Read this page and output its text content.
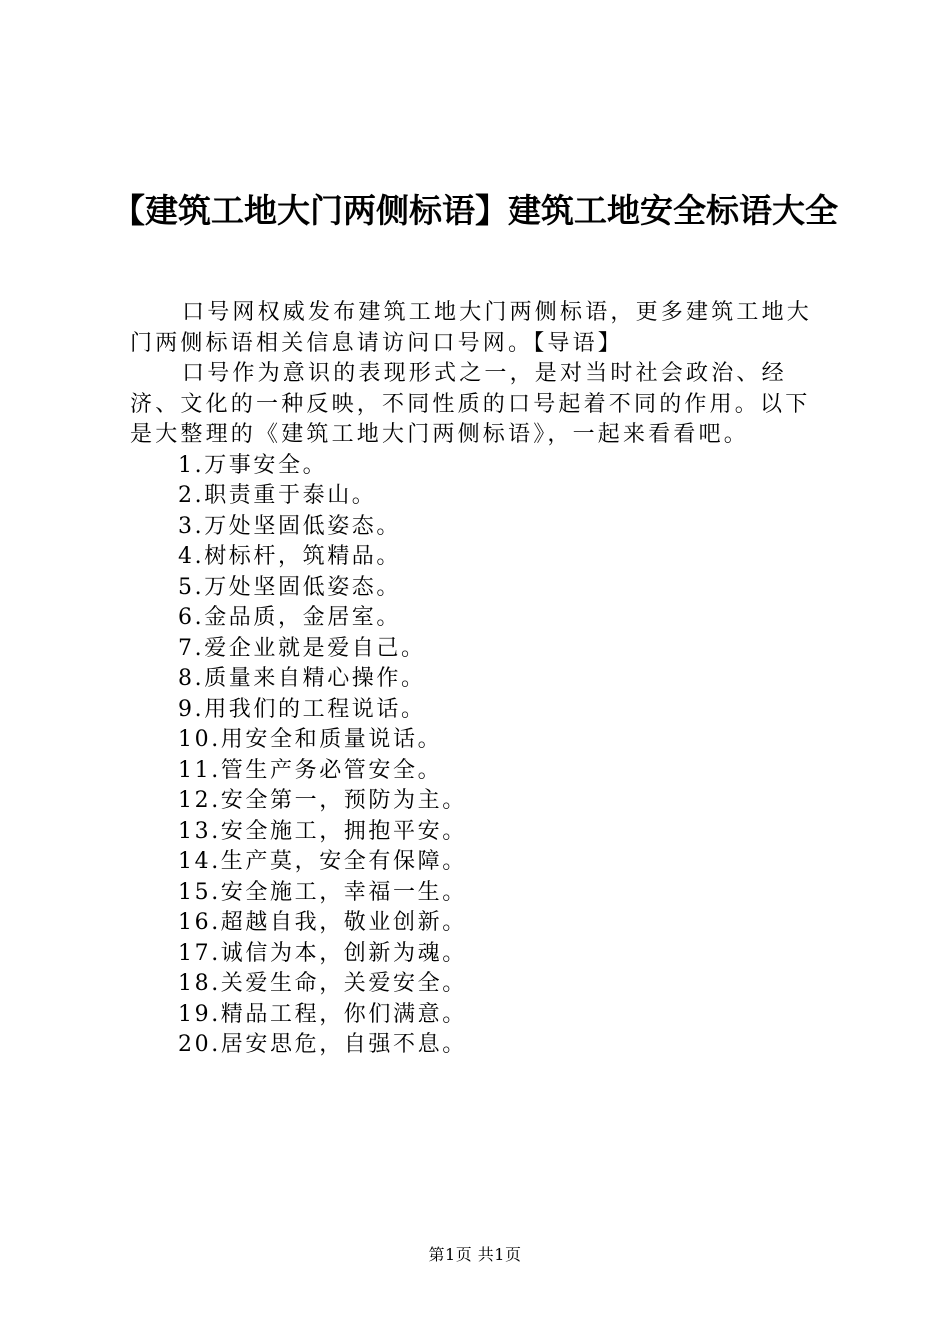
【建筑工地大门两侧标语】建筑工地安全标语大全

口号网权威发布建筑工地大门两侧标语，更多建筑工地大门两侧标语相关信息请访问口号网。【导语】

口号作为意识的表现形式之一，是对当时社会政治、经济、文化的一种反映，不同性质的口号起着不同的作用。以下是大整理的《建筑工地大门两侧标语》，一起来看看吧。

1.万事安全。
2.职责重于泰山。
3.万处坚固低姿态。
4.树标杆，筑精品。
5.万处坚固低姿态。
6.金品质，金居室。
7.爱企业就是爱自己。
8.质量来自精心操作。
9.用我们的工程说话。
10.用安全和质量说话。
11.管生产务必管安全。
12.安全第一，预防为主。
13.安全施工，拥抱平安。
14.生产莫，安全有保障。
15.安全施工，幸福一生。
16.超越自我，敬业创新。
17.诚信为本，创新为魂。
18.关爱生命，关爱安全。
19.精品工程，你们满意。
20.居安思危，自强不息。
第1页 共1页
